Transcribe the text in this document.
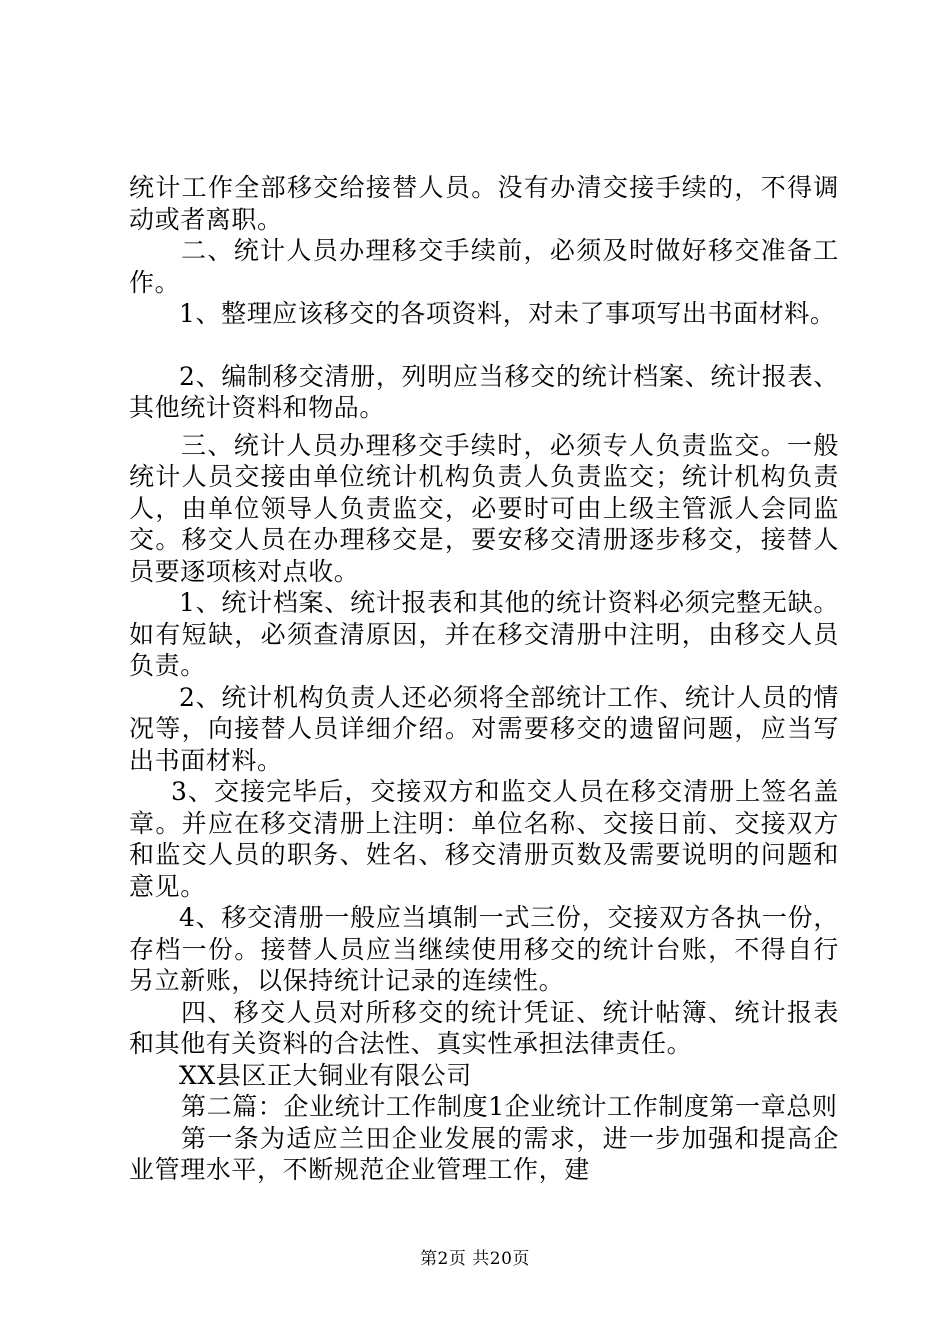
统计工作全部移交给接替人员。没有办清交接手续的，不得调动或者离职。

二、统计人员办理移交手续前，必须及时做好移交准备工作。

1、整理应该移交的各项资料，对未了事项写出书面材料。

2、编制移交清册，列明应当移交的统计档案、统计报表、其他统计资料和物品。

三、统计人员办理移交手续时，必须专人负责监交。一般统计人员交接由单位统计机构负责人负责监交；统计机构负责人，由单位领导人负责监交，必要时可由上级主管派人会同监交。移交人员在办理移交是，要安移交清册逐步移交，接替人员要逐项核对点收。

1、统计档案、统计报表和其他的统计资料必须完整无缺。如有短缺，必须查清原因，并在移交清册中注明，由移交人员负责。

2、统计机构负责人还必须将全部统计工作、统计人员的情况等，向接替人员详细介绍。对需要移交的遗留问题，应当写出书面材料。

3、交接完毕后，交接双方和监交人员在移交清册上签名盖章。并应在移交清册上注明：单位名称、交接日前、交接双方和监交人员的职务、姓名、移交清册页数及需要说明的问题和意见。

4、移交清册一般应当填制一式三份，交接双方各执一份，存档一份。接替人员应当继续使用移交的统计台账，不得自行另立新账，以保持统计记录的连续性。

四、移交人员对所移交的统计凭证、统计帖簿、统计报表和其他有关资料的合法性、真实性承担法律责任。

XX县区正大铜业有限公司

第二篇：企业统计工作制度1企业统计工作制度第一章总则

第一条为适应兰田企业发展的需求，进一步加强和提高企业管理水平，不断规范企业管理工作，建

第2页 共20页
